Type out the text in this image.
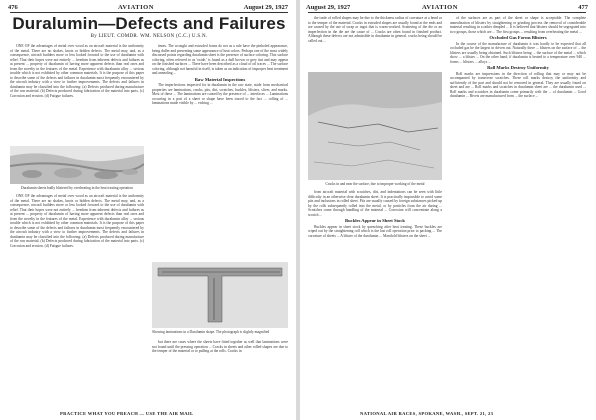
476	AVIATION	August 29, 1927
Duralumin—Defects and Failures
By LIEUT. COMDR. WM. NELSON (C.C.) U.S.N.

ONE OF the advantages of metal over wood as an aircraft material is the uniformity of the metal. There are no shakes, knots or hidden defects. The metal may, and, as a consequence, aircraft builders more or less looked forward to the use of duralumin with relief. That their hopes were not entirely ... freedom from inherent defects and failures as at present ... property of duralumin of having more apparent defects than real ones and from the novelty in the features of the metal. Experience with duralumin alloy ... serious trouble which is not exhibited by other common materials. It is the purpose of this paper to describe some of the defects and failures in duralumin most frequently encountered by the aircraft industry with a view to further improvements. The defects and failures in duralumin may be classified into the following: (a) Defects produced during manufacture of the raw material. (b) Defects produced during fabrication of the material into parts. (c) Corrosion and erosion. (d) Fatigue failures.

Duralumin sheets badly blistered by overheating in the heat treating operation

ONE OF the advantages of metal over wood as an aircraft material is the uniformity of the metal. There are no shakes, knots or hidden defects. The metal may, and, as a consequence, aircraft builders more or less looked forward to the use of duralumin with relief. That their hopes were not entirely ... freedom from inherent defects and failures as at present ... property of duralumin of having more apparent defects than real ones and from the novelty in the features of the metal. Experience with duralumin alloy ... serious trouble which is not exhibited by other common materials. It is the purpose of this paper to describe some of the defects and failures in duralumin most frequently encountered by the aircraft industry with a view to further improvements. The defects and failures in duralumin may be classified into the following: (a) Defects produced during manufacture of the raw material. (b) Defects produced during fabrication of the material into parts. (c) Corrosion and erosion. (d) Fatigue failures.

times. The wrought and extruded forms do not as a rule have the pinholed appearance, being duller and presenting some appearance of heat colors. Perhaps one of the most widely discussed points regarding duralumin sheet is the presence of surface coloring. This surface coloring, often referred to as 'oxide,' is found as a dull brown or grey tint and may appear on the finished surfaces ... There have been described as a cloud of oil traces ... The surface coloring, although not harmful in itself, is taken as an indication of improper heat treatment and annealing ...

Raw Material Inspections

The imperfections inspected for in duralumin in the raw state, aside from mechanical properties are laminations, cracks, pits, dirt, scratches, buckles, blisters, sliver, and marks. Most of these ... The laminations are caused by the presence of ... interfaces ... Laminations occurring in a part of a sheet or shape have been traced to the fact ... rolling of ... laminations made visible by ... etching ...

Showing laminations in a Duralumin shape. The photograph is slightly magnified

but there are cases where the sheets have fitted together as well that laminations were not found until the pressing operation ... Cracks in sheets and other rolled shapes are due to the temper of the material or to pulling at the rolls. Cracks in

PRACTICE WHAT YOU PREACH — USE THE AIR MAIL
August 29, 1927	AVIATION	477

the trade of rolled shapes may be due to the thickness radius of curvature at a bend or to the temper of the material. Cracks in extruded shapes are usually found at the ends and are caused by the use of scrap or ingot that is warm-worked. Scattering of the die or an imperfection in the die are the cause of ... Cracks are often found in finished product. Although these defects are not admissible in duralumin in general, cracks being should be called out ...

Cracks in and near the surface, due to improper working of the metal

from aircraft material with scratches, dirt, and indentations can be seen with little difficulty in an otherwise clear duralumin sheet. It is practically impossible to avoid some pits and inclusions in rolled sheet. Pits are usually caused by foreign substances picked up by the rolls subsequently rolled into the metal, or by particles from the air during ... Scratches come through handling of the material ... Corrosion will concentrate along a scratch ...

Buckles Appear in Sheet Stock

Buckles appear in sheet stock by quenching after heat treating. These buckles are wiped out by the straightening roll which is the last roll operation prior to packing ... The curvature of sheets ... A blister of the duralumin ... Manifold blisters on the sheet ...

of the surfaces are as part of the sheet or shape is acceptable. The complete annealization of blisters by straightening or grinding process the removal of considerable material resulting in a rather dimpled ... It is believed that blisters should be segregated into two groups, those which are ... The first groups ... resulting from overheating the metal ...

Occluded Gas Forms Blisters

In the course of the manufacture of duralumin it was hardly to be expected that all occluded gas be the largest in driven out. Naturally there ... blisters on the surface of ... the blisters are usually being obtained. Such blisters being ... the surface of the metal ... which show ... a blister ... On the other hand, if duralumin is heated to a temperature over 940 ... forms ... blisters ... alloys ...

Roll Marks Destroy Uniformity

Roll marks are impressions in the direction of rolling that may or may not be accompanied by transverse scratches. These roll marks destroy the uniformity and sufficiently of the part and should not be removed in general. They are usually found on sheet and are ... Roll marks and scratches in duralumin sheet are ... the duralumin used ... Roll marks and scratches in duralumin come primarily with the ... of duralumin ... Good duralumin ... Rivets are manufactured from ... the surface ...

NATIONAL AIR RACES, SPOKANE, WASH., SEPT. 21, 23
